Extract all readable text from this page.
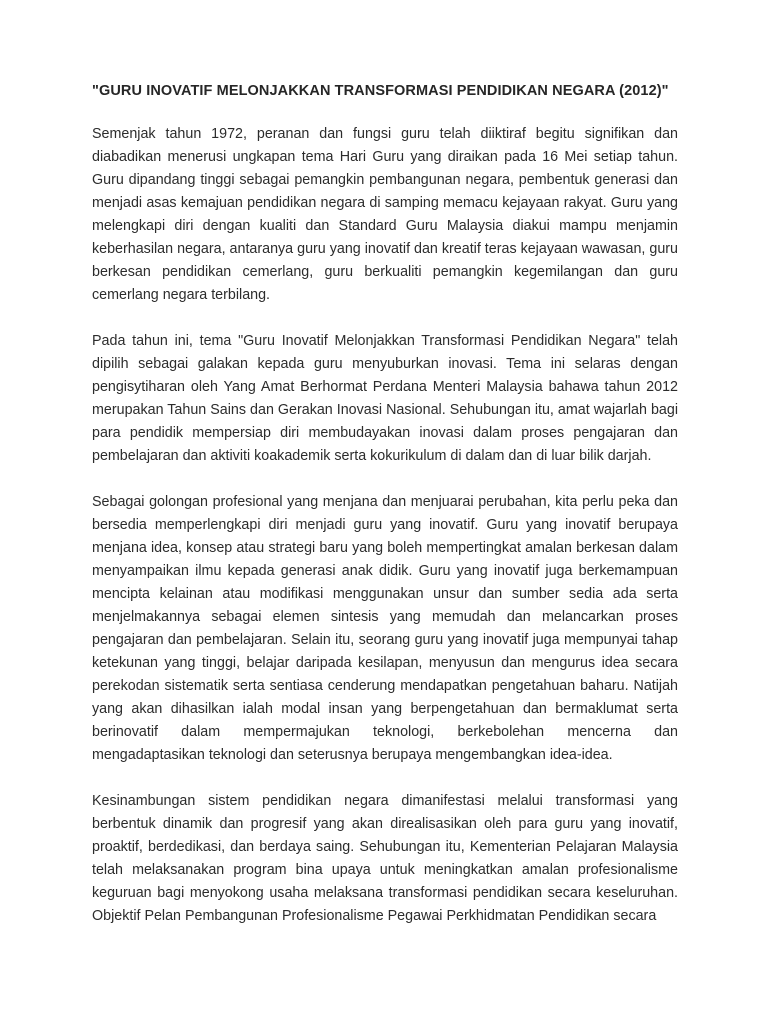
"GURU INOVATIF MELONJAKKAN TRANSFORMASI PENDIDIKAN NEGARA (2012)"

Semenjak tahun 1972, peranan dan fungsi guru telah diiktiraf begitu signifikan dan diabadikan menerusi ungkapan tema Hari Guru yang diraikan pada 16 Mei setiap tahun. Guru dipandang tinggi sebagai pemangkin pembangunan negara, pembentuk generasi dan menjadi asas kemajuan pendidikan negara di samping memacu kejayaan rakyat. Guru yang melengkapi diri dengan kualiti dan Standard Guru Malaysia diakui mampu menjamin keberhasilan negara, antaranya guru yang inovatif dan kreatif teras kejayaan wawasan, guru berkesan pendidikan cemerlang, guru berkualiti pemangkin kegemilangan dan guru cemerlang negara terbilang.

Pada tahun ini, tema "Guru Inovatif Melonjakkan Transformasi Pendidikan Negara" telah dipilih sebagai galakan kepada guru menyuburkan inovasi. Tema ini selaras dengan pengisytiharan oleh Yang Amat Berhormat Perdana Menteri Malaysia bahawa tahun 2012 merupakan Tahun Sains dan Gerakan Inovasi Nasional. Sehubungan itu, amat wajarlah bagi para pendidik mempersiap diri membudayakan inovasi dalam proses pengajaran dan pembelajaran dan aktiviti koakademik serta kokurikulum di dalam dan di luar bilik darjah.

Sebagai golongan profesional yang menjana dan menjuarai perubahan, kita perlu peka dan bersedia memperlengkapi diri menjadi guru yang inovatif. Guru yang inovatif berupaya menjana idea, konsep atau strategi baru yang boleh mempertingkat amalan berkesan dalam menyampaikan ilmu kepada generasi anak didik. Guru yang inovatif juga berkemampuan mencipta kelainan atau modifikasi menggunakan unsur dan sumber sedia ada serta menjelmakannya sebagai elemen sintesis yang memudah dan melancarkan proses pengajaran dan pembelajaran. Selain itu, seorang guru yang inovatif juga mempunyai tahap ketekunan yang tinggi, belajar daripada kesilapan, menyusun dan mengurus idea secara perekodan sistematik serta sentiasa cenderung mendapatkan pengetahuan baharu. Natijah yang akan dihasilkan ialah modal insan yang berpengetahuan dan bermaklumat serta berinovatif dalam mempermajukan teknologi, berkebolehan mencerna dan mengadaptasikan teknologi dan seterusnya berupaya mengembangkan idea-idea.

Kesinambungan sistem pendidikan negara dimanifestasi melalui transformasi yang berbentuk dinamik dan progresif yang akan direalisasikan oleh para guru yang inovatif, proaktif, berdedikasi, dan berdaya saing. Sehubungan itu, Kementerian Pelajaran Malaysia telah melaksanakan program bina upaya untuk meningkatkan amalan profesionalisme keguruan bagi menyokong usaha melaksana transformasi pendidikan secara keseluruhan. Objektif Pelan Pembangunan Profesionalisme Pegawai Perkhidmatan Pendidikan secara
